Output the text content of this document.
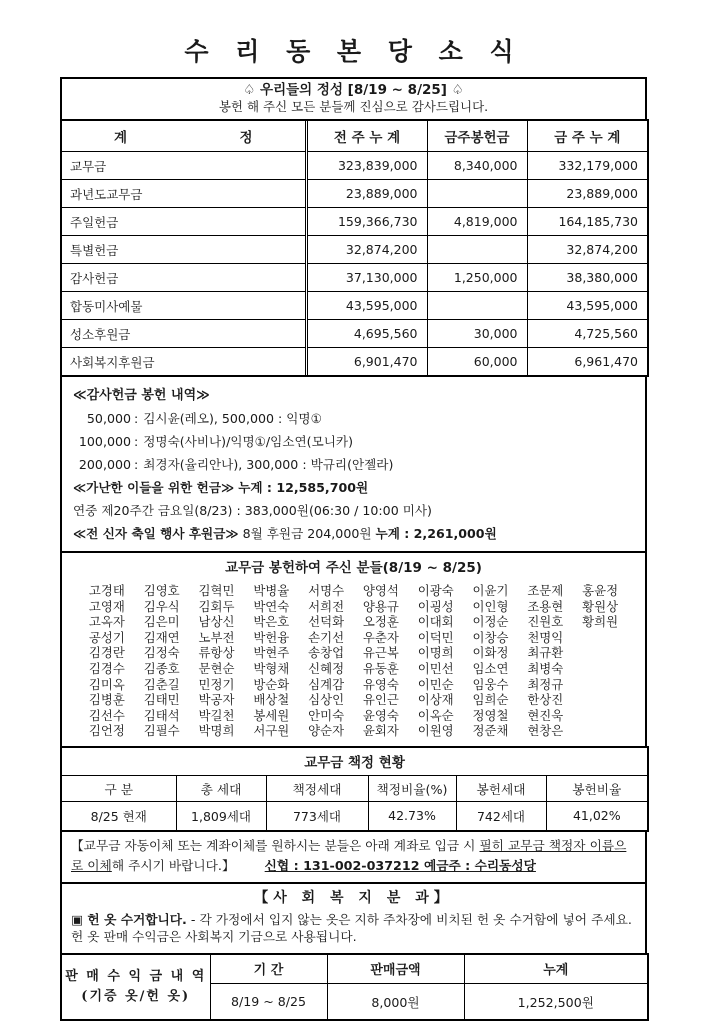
수 리 동 본 당 소 식
♤ 우리들의 정성 [8/19 ~ 8/25] ♤
봉헌 해 주신 모든 분들께 진심으로 감사드립니다.
계 정	전 주 누 계	금주봉헌금	금 주 누 계
교무금	323,839,000	8,340,000	332,179,000
과년도교무금	23,889,000		23,889,000
주일헌금	159,366,730	4,819,000	164,185,730
특별헌금	32,874,200		32,874,200
감사헌금	37,130,000	1,250,000	38,380,000
합동미사예물	43,595,000		43,595,000
성소후원금	4,695,560	30,000	4,725,560
사회복지후원금	6,901,470	60,000	6,961,470
≪감사헌금 봉헌 내역≫
50,000 : 김시윤(레오), 500,000 : 익명①
100,000 : 정명숙(사비나)/익명①/임소연(모니카)
200,000 : 최경자(율리안나), 300,000 : 박규리(안젤라)
≪가난한 이들을 위한 헌금≫ 누계 : 12,585,700원
연중 제20주간 금요일(8/23) : 383,000원(06:30 / 10:00 미사)
≪전 신자 축일 행사 후원금≫ 8월 후원금 204,000원 누계 : 2,261,000원
교무금 봉헌하여 주신 분들(8/19 ~ 8/25)
고경태	김영호	김혁민	박병율	서명수	양영석	이광숙	이윤기	조문제	홍윤정
고영재	김우식	김회두	박연숙	서희전	양용규	이굉성	이인형	조용현	황원상
고옥자	김은미	남상신	박은호	선덕화	오정훈	이대회	이정순	진원호	황희원
공성기	김재연	노부전	박헌융	손기선	우춘자	이덕민	이창승	천명익
김경란	김정숙	류항상	박현주	송창업	유근복	이명희	이화정	최규환
김경수	김종호	문현순	박형채	신혜정	유동훈	이민선	임소연	최병숙
김미옥	김춘길	민정기	방순화	심계감	유영숙	이민순	임웅수	최정규
김병훈	김태민	박공자	배상철	심상인	유인근	이상재	임희순	한상진
김선수	김태석	박길천	봉세원	안미숙	윤영숙	이옥순	정영철	현진욱
김언정	김필수	박명희	서구원	양순자	윤회자	이원영	정준채	현창은
교무금 책정 현황					
구 분	총 세대	책정세대	책정비율(%)	봉헌세대	봉헌비율
8/25 현재	1,809세대	773세대	42.73%	742세대	41,02%
【교무금 자동이체 또는 계좌이체를 원하시는 분들은 아래 계좌로 입금 시 필히 교무금 책정자 이름으로 이체해 주시기 바랍니다.】 신협 : 131-002-037212 예금주 : 수리동성당
【사 회 복 지 분 과】
▣ 헌 옷 수거합니다. - 각 가정에서 입지 않는 옷은 지하 주차장에 비치된 헌 옷 수거함에 넣어 주세요.
헌 옷 판매 수익금은 사회복지 기금으로 사용됩니다.
판 매 수 익 금 내 역
(기증 옷/헌 옷)	기 간	판매금액	누계
	8/19 ~ 8/25	8,000원	1,252,500원
